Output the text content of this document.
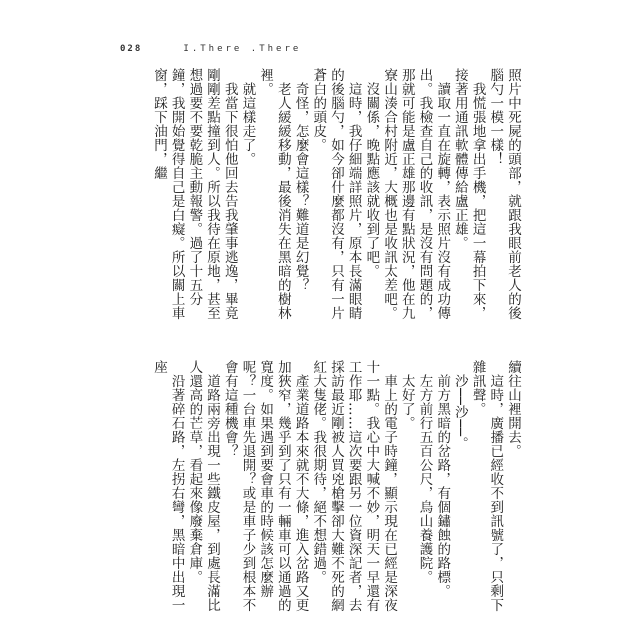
028	I.There .There

照片中死屍的頭部，就跟我眼前老人的後腦勺一模一樣！

我慌張地拿出手機，把這一幕拍下來，接著用通訊軟體傳給盧正雄。

讀取一直在旋轉，表示照片沒有成功傳出。我檢查自己的收訊，是沒有問題的，那就可能是盧正雄那邊有點狀況，他在九寮山湊合村附近，大概也是收訊太差吧。

沒關係，晚點應該就收到了吧。

這時，我仔細端詳照片，原本長滿眼睛的後腦勺，如今卻什麼都沒有，只有一片蒼白的頭皮。

奇怪，怎麼會這樣？難道是幻覺？

老人緩緩移動，最後消失在黑暗的樹林裡。

就這樣走了。

我當下很怕他回去告我肇事逃逸，畢竟剛剛差點撞到人。所以我待在原地，甚至想過要不要乾脆主動報警。過了十五分鐘，我開始覺得自己是白癡。所以關上車窗，踩下油門，繼

續往山裡開去。

這時，廣播已經收不到訊號了，只剩下雜訊聲。

沙──沙──。

前方黑暗的岔路，有個鏽蝕的路標。

左方前行五百公尺，烏山養護院。

太好了。

車上的電子時鐘，顯示現在已經是深夜十一點。我心中大喊不妙，明天一早還有工作耶……這次要跟另一位資深記者，去採訪最近剛被人買兇槍擊卻大難不死的網紅大隻佬。我很期待，絕不想錯過。

產業道路本來就不大條，進入岔路又更加狹窄，幾乎到了只有一輛車可以通過的寬度。如果遇到要會車的時候該怎麼辦呢？一台車先退開？或是車子少到根本不會有這種機會？

道路兩旁出現一些鐵皮屋，到處長滿比人還高的芒草，看起來像廢棄倉庫。

沿著碎石路，左拐右彎，黑暗中出現一座
